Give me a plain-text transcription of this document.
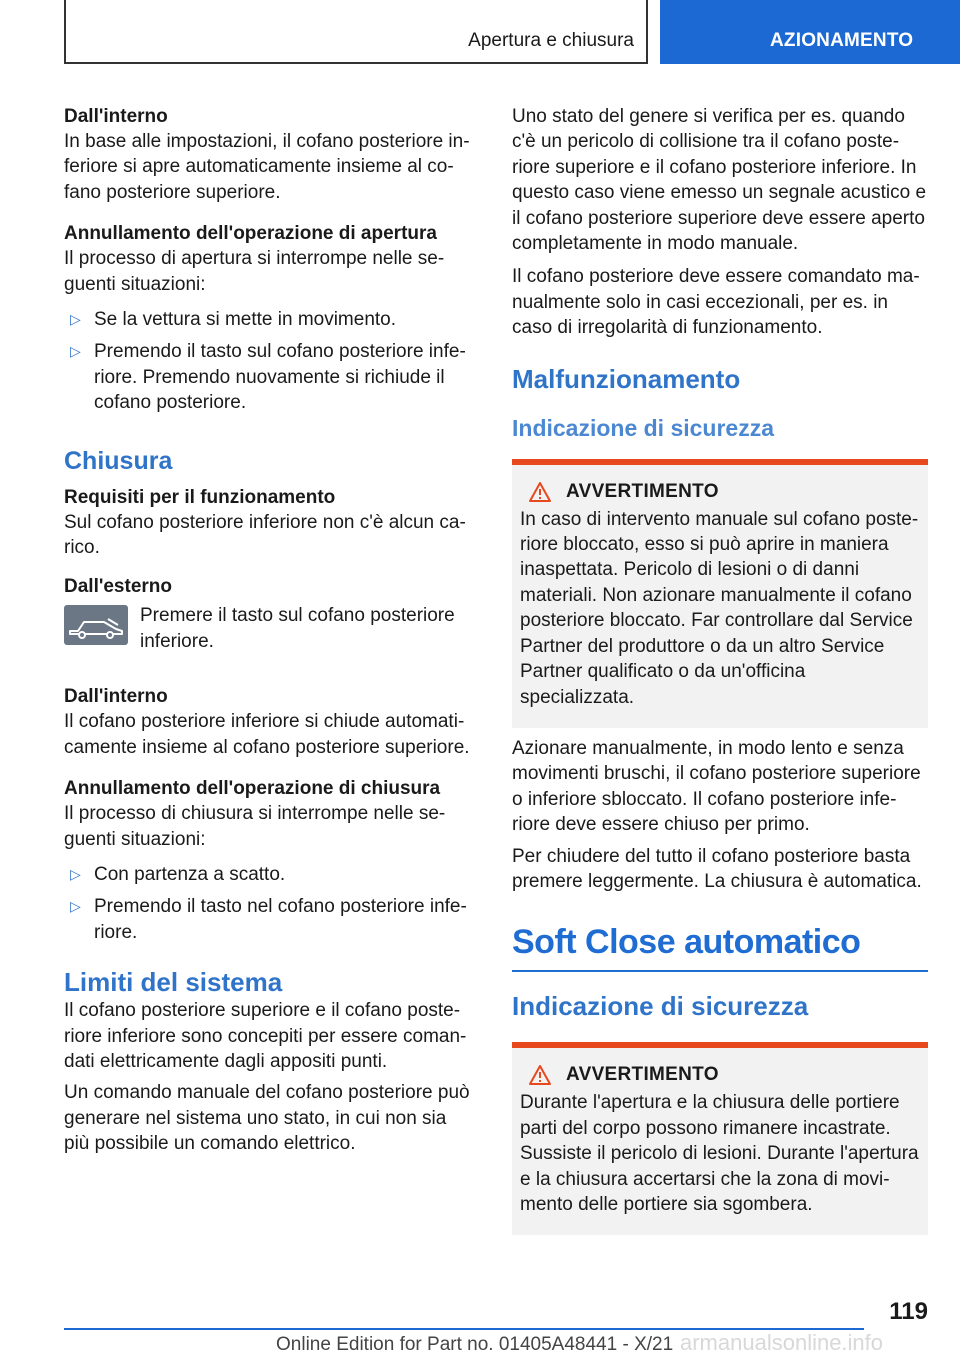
Apertura e chiusura	AZIONAMENTO

Dall'interno

In base alle impostazioni, il cofano posteriore inferiore si apre automaticamente insieme al cofano posteriore superiore.

Annullamento dell'operazione di apertura

Il processo di apertura si interrompe nelle seguenti situazioni:

▷ Se la vettura si mette in movimento.
▷ Premendo il tasto sul cofano posteriore inferiore. Premendo nuovamente si richiude il cofano posteriore.

Chiusura

Requisiti per il funzionamento

Sul cofano posteriore inferiore non c'è alcun carico.

Dall'esterno

Premere il tasto sul cofano posteriore inferiore.

Dall'interno

Il cofano posteriore inferiore si chiude automaticamente insieme al cofano posteriore superiore.

Annullamento dell'operazione di chiusura

Il processo di chiusura si interrompe nelle seguenti situazioni:

▷ Con partenza a scatto.
▷ Premendo il tasto nel cofano posteriore inferiore.

Limiti del sistema

Il cofano posteriore superiore e il cofano posteriore inferiore sono concepiti per essere comandati elettricamente dagli appositi punti.

Un comando manuale del cofano posteriore può generare nel sistema uno stato, in cui non sia più possibile un comando elettrico.

Uno stato del genere si verifica per es. quando c'è un pericolo di collisione tra il cofano posteriore superiore e il cofano posteriore inferiore. In questo caso viene emesso un segnale acustico e il cofano posteriore superiore deve essere aperto completamente in modo manuale.

Il cofano posteriore deve essere comandato manualmente solo in casi eccezionali, per es. in caso di irregolarità di funzionamento.

Malfunzionamento

Indicazione di sicurezza

AVVERTIMENTO

In caso di intervento manuale sul cofano posteriore bloccato, esso si può aprire in maniera inaspettata. Pericolo di lesioni o di danni materiali. Non azionare manualmente il cofano posteriore bloccato. Far controllare dal Service Partner del produttore o da un altro Service Partner qualificato o da un'officina specializzata.

Azionare manualmente, in modo lento e senza movimenti bruschi, il cofano posteriore superiore o inferiore sbloccato. Il cofano posteriore inferiore deve essere chiuso per primo.

Per chiudere del tutto il cofano posteriore basta premere leggermente. La chiusura è automatica.

Soft Close automatico

Indicazione di sicurezza

AVVERTIMENTO

Durante l'apertura e la chiusura delle portiere parti del corpo possono rimanere incastrate. Sussiste il pericolo di lesioni. Durante l'apertura e la chiusura accertarsi che la zona di movimento delle portiere sia sgombera.

119
armanualsonline.info
Online Edition for Part no. 01405A48441 - X/21
